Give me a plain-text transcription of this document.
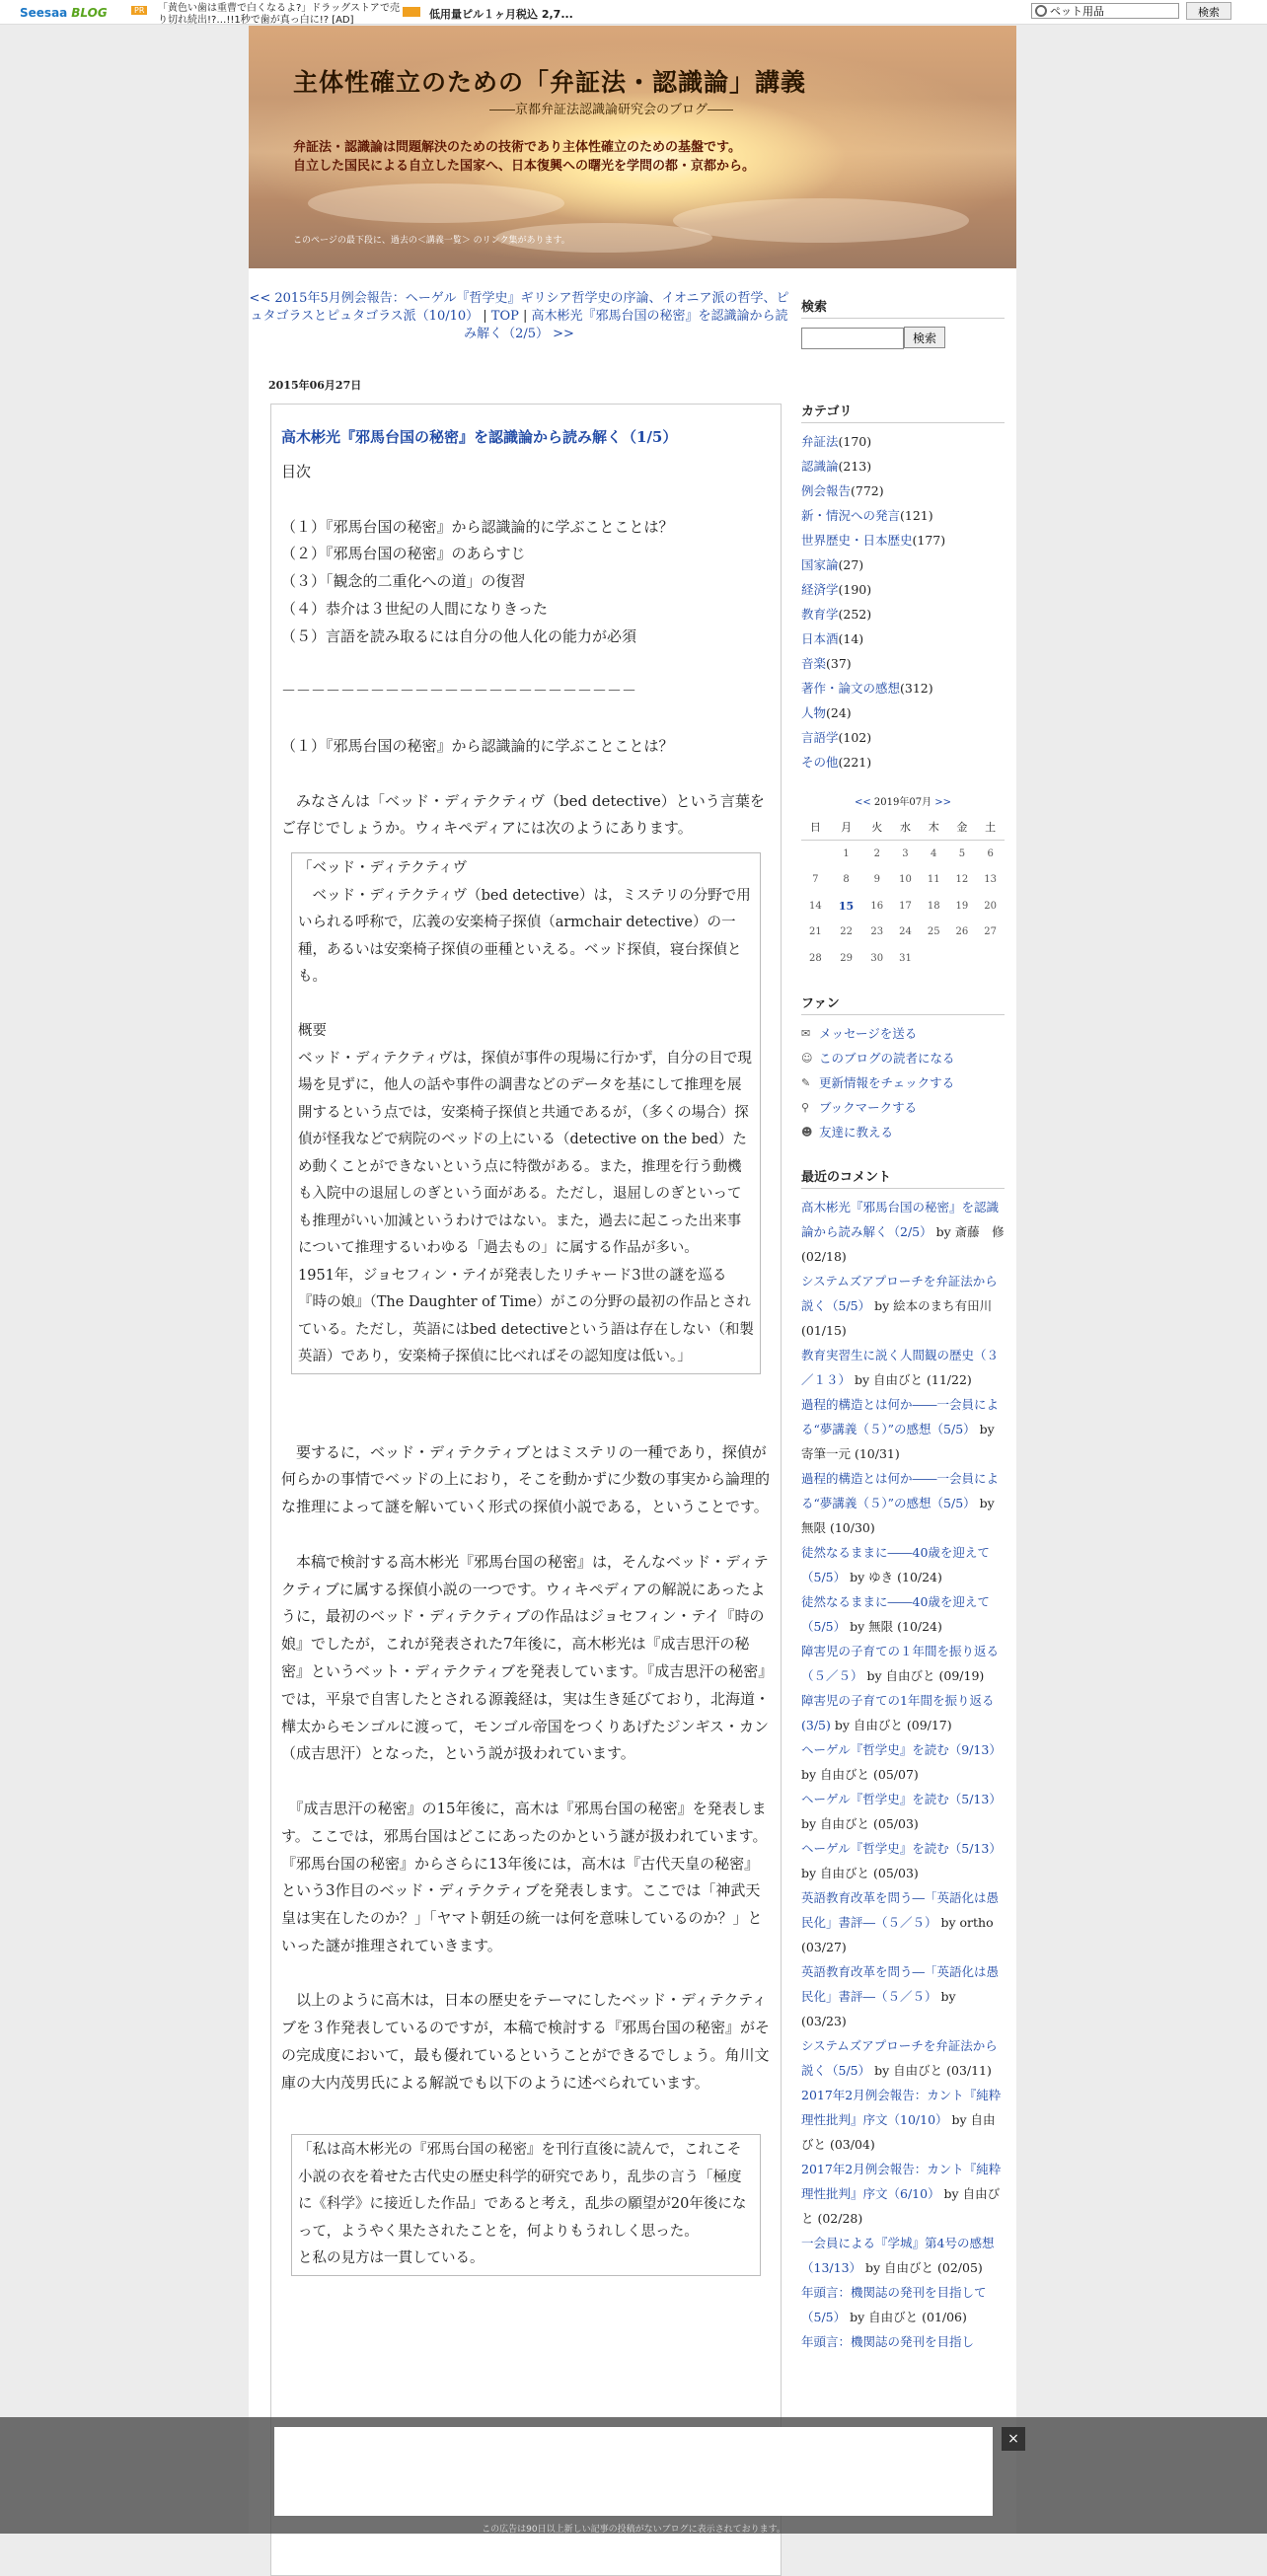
Seesaa BLOG	PR	「黄色い歯は重曹で白くなるよ?」ドラッグストアで売り切れ続出!?…!!1秒で歯が真っ白に!? [AD]	低用量ピル１ヶ月税込 2,7...
ペット用品	検索
主体性確立のための「弁証法・認識論」講義
――京都弁証法認識論研究会のブログ――
弁証法・認識論は問題解決のための技術であり主体性確立のための基盤です。
自立した国民による自立した国家へ、日本復興への曙光を学問の都・京都から。
このページの最下段に、過去の＜講義一覧＞ のリンク集があります。
<< 2015年5月例会報告：ヘーゲル『哲学史』ギリシア哲学史の序論、イオニア派の哲学、ピュタゴラスとピュタゴラス派（10/10） | TOP | 高木彬光『邪馬台国の秘密』を認識論から読み解く（2/5） >>
2015年06月27日
高木彬光『邪馬台国の秘密』を認識論から読み解く（1/5）

目次

（１）『邪馬台国の秘密』から認識論的に学ぶことことは？

（２）『邪馬台国の秘密』のあらすじ

（３）「観念的二重化への道」の復習

（４）恭介は３世紀の人間になりきった

（５）言語を読み取るには自分の他人化の能力が必須

－－－－－－－－－－－－－－－－－－－－－－－－

（１）『邪馬台国の秘密』から認識論的に学ぶことことは？

　みなさんは「ベッド・ディテクティヴ（bed detective）という言葉をご存じでしょうか。ウィキペディアには次のようにあります。

「ベッド・ディテクティヴ

　ベッド・ディテクティヴ（bed detective）は，ミステリの分野で用いられる呼称で，広義の安楽椅子探偵（armchair detective）の一種，あるいは安楽椅子探偵の亜種といえる。ベッド探偵，寝台探偵とも。

概要

ベッド・ディテクティヴは，探偵が事件の現場に行かず，自分の目で現場を見ずに，他人の話や事件の調書などのデータを基にして推理を展開するという点では，安楽椅子探偵と共通であるが，（多くの場合）探偵が怪我などで病院のベッドの上にいる（detective on the bed）ため動くことができないという点に特徴がある。また，推理を行う動機も入院中の退屈しのぎという面がある。ただし，退屈しのぎといっても推理がいい加減というわけではない。また，過去に起こった出来事について推理するいわゆる「過去もの」に属する作品が多い。

1951年，ジョセフィン・テイが発表したリチャード3世の謎を巡る『時の娘』（The Daughter of Time）がこの分野の最初の作品とされている。ただし，英語にはbed detectiveという語は存在しない（和製英語）であり，安楽椅子探偵に比べればその認知度は低い。」

　要するに，ベッド・ディテクティブとはミステリの一種であり，探偵が何らかの事情でベッドの上におり，そこを動かずに少数の事実から論理的な推理によって謎を解いていく形式の探偵小説である，ということです。

　本稿で検討する高木彬光『邪馬台国の秘密』は，そんなベッド・ディテクティブに属する探偵小説の一つです。ウィキペディアの解説にあったように，最初のベッド・ディテクティブの作品はジョセフィン・テイ『時の娘』でしたが，これが発表された7年後に，高木彬光は『成吉思汗の秘密』というベット・ディテクティブを発表しています。『成吉思汗の秘密』では，平泉で自害したとされる源義経は，実は生き延びており，北海道・樺太からモンゴルに渡って，モンゴル帝国をつくりあげたジンギス・カン（成吉思汗）となった，という説が扱われています。

　『成吉思汗の秘密』の15年後に，高木は『邪馬台国の秘密』を発表します。ここでは，邪馬台国はどこにあったのかという謎が扱われています。『邪馬台国の秘密』からさらに13年後には，高木は『古代天皇の秘密』という3作目のベッド・ディテクティブを発表します。ここでは「神武天皇は実在したのか？」「ヤマト朝廷の統一は何を意味しているのか？」といった謎が推理されていきます。

　以上のように高木は，日本の歴史をテーマにしたベッド・ディテクティブを３作発表しているのですが，本稿で検討する『邪馬台国の秘密』がその完成度において，最も優れているということができるでしょう。角川文庫の大内茂男氏による解説でも以下のように述べられています。

「私は高木彬光の『邪馬台国の秘密』を刊行直後に読んで，これこそ小説の衣を着せた古代史の歴史科学的研究であり，乱歩の言う「極度に《科学》に接近した作品」であると考え，乱歩の願望が20年後になって，ようやく果たされたことを，何よりもうれしく思った。

と私の見方は一貫している。

検索
検索
カテゴリ
弁証法(170)
認識論(213)
例会報告(772)
新・情況への発言(121)
世界歴史・日本歴史(177)
国家論(27)
経済学(190)
教育学(252)
日本酒(14)
音楽(37)
著作・論文の感想(312)
人物(24)
言語学(102)
その他(221)
<< 2019年07月 >>
日	月	火	水	木	金	土
	1	2	3	4	5	6
7	8	9	10	11	12	13
14	15	16	17	18	19	20
21	22	23	24	25	26	27
28	29	30	31			
ファン
✉ メッセージを送る
☺ このブログの読者になる
✎ 更新情報をチェックする
⚲ ブックマークする
☻ 友達に教える
最近のコメント

高木彬光『邪馬台国の秘密』を認識論から読み解く（2/5） by 斎藤　修 (02/18)

システムズアプローチを弁証法から説く（5/5） by 絵本のまち有田川 (01/15)

教育実習生に説く人間観の歴史（３／１３） by 自由びと (11/22)

過程的構造とは何か――一会員による“夢講義（５）”の感想（5/5） by 寄筆一元 (10/31)

過程的構造とは何か――一会員による“夢講義（５）”の感想（5/5） by 無限 (10/30)

徒然なるままに――40歳を迎えて（5/5） by ゆき (10/24)

徒然なるままに――40歳を迎えて（5/5） by 無限 (10/24)

障害児の子育ての１年間を振り返る（５／５） by 自由びと (09/19)

障害児の子育ての1年間を振り返る(3/5) by 自由びと (09/17)

ヘーゲル『哲学史』を読む（9/13） by 自由びと (05/07)

ヘーゲル『哲学史』を読む（5/13） by 自由びと (05/03)

ヘーゲル『哲学史』を読む（5/13） by 自由びと (05/03)

英語教育改革を問う―「英語化は愚民化」書評―（５／５） by ortho (03/27)

英語教育改革を問う―「英語化は愚民化」書評―（５／５） by (03/23)

システムズアプローチを弁証法から説く（5/5） by 自由びと (03/11)

2017年2月例会報告：カント『純粋理性批判』序文（10/10） by 自由びと (03/04)

2017年2月例会報告：カント『純粋理性批判』序文（6/10） by 自由びと (02/28)

一会員による『学城』第4号の感想（13/13） by 自由びと (02/05)

年頭言：機関誌の発刊を目指して（5/5） by 自由びと (01/06)

年頭言：機関誌の発刊を目指し

×
この広告は90日以上新しい記事の投稿がないブログに表示されております。
